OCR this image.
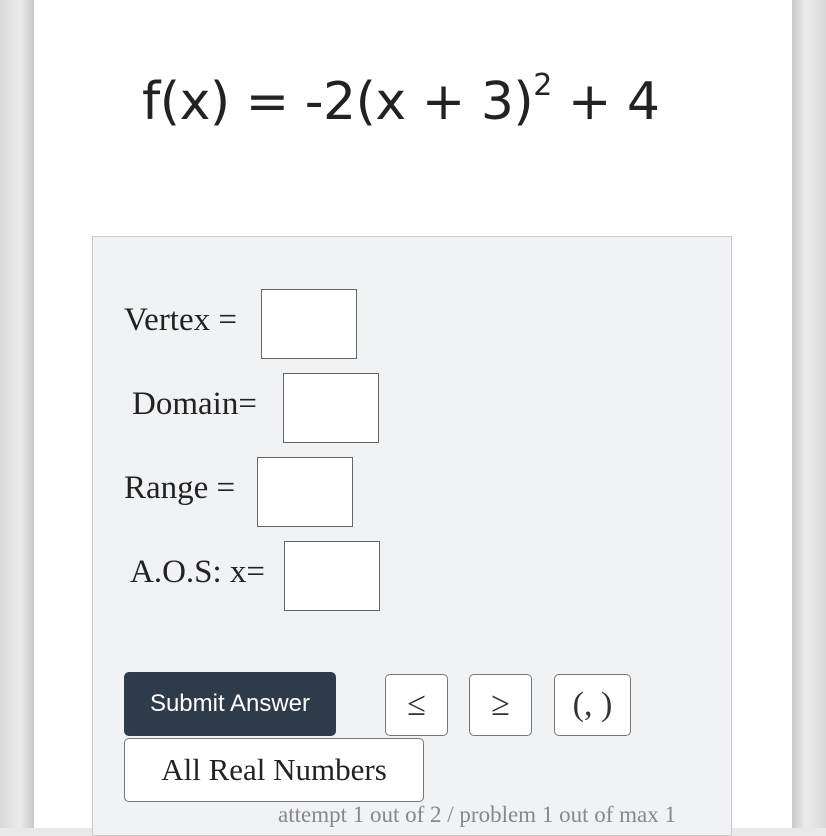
$f(x) = -2(x + 3)^2 + 4$
Vertex =
Domain=
Range =
A.O.S: x=
Submit Answer	≤	≥	(, )
All Real Numbers
attempt 1 out of 2 / problem 1 out of max 1
